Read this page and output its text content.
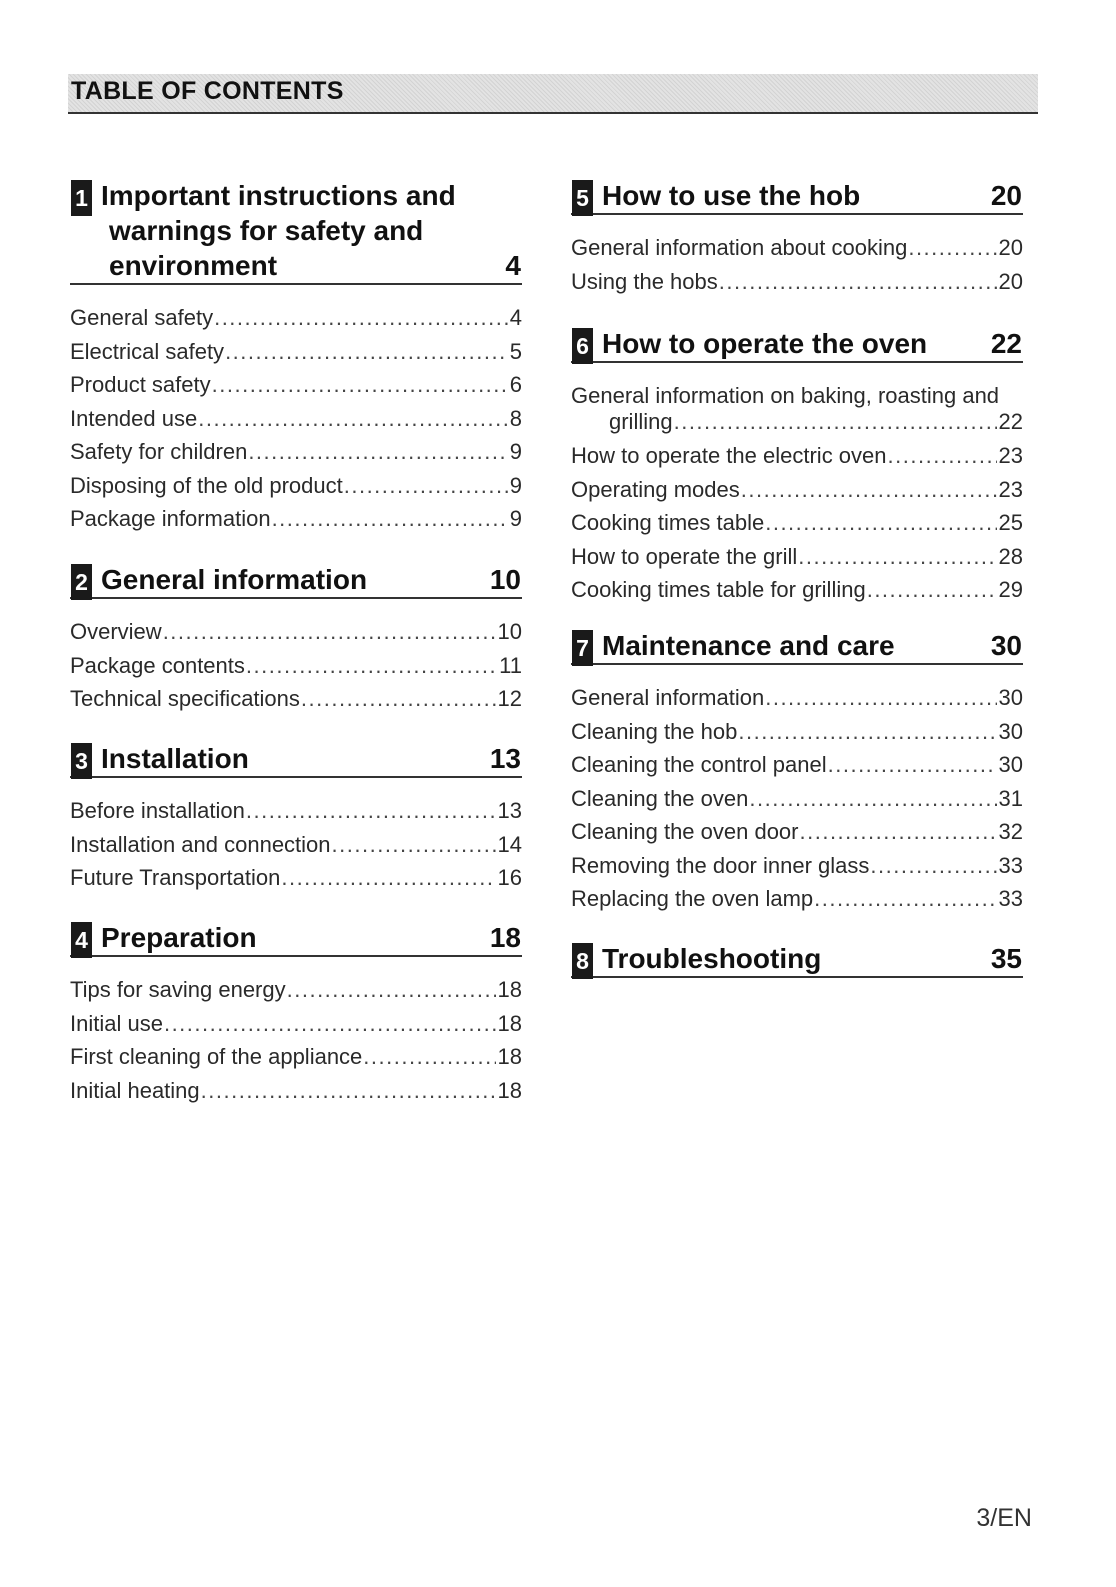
TABLE OF CONTENTS
1 Important instructions and warnings for safety and environment	4
General safety .....	4
Electrical safety .....	5
Product safety .....	6
Intended use .....	8
Safety for children .....	9
Disposing of the old product .....	9
Package information .....	9
2 General information	10
Overview .....	10
Package contents .....	11
Technical specifications .....	12
3 Installation	13
Before installation .....	13
Installation and connection .....	14
Future Transportation .....	16
4 Preparation	18
Tips for saving energy .....	18
Initial use .....	18
First cleaning of the appliance .....	18
Initial heating .....	18
5 How to use the hob	20
General information about cooking .....	20
Using the hobs .....	20
6 How to operate the oven	22
General information on baking, roasting and
grilling .....	22
How to operate the electric oven .....	23
Operating modes .....	23
Cooking times table .....	25
How to operate the grill .....	28
Cooking times table for grilling .....	29
7 Maintenance and care	30
General information .....	30
Cleaning the hob .....	30
Cleaning the control panel .....	30
Cleaning the oven .....	31
Cleaning the oven door .....	32
Removing the door inner glass .....	33
Replacing the oven lamp .....	33
8 Troubleshooting	35
3/EN
